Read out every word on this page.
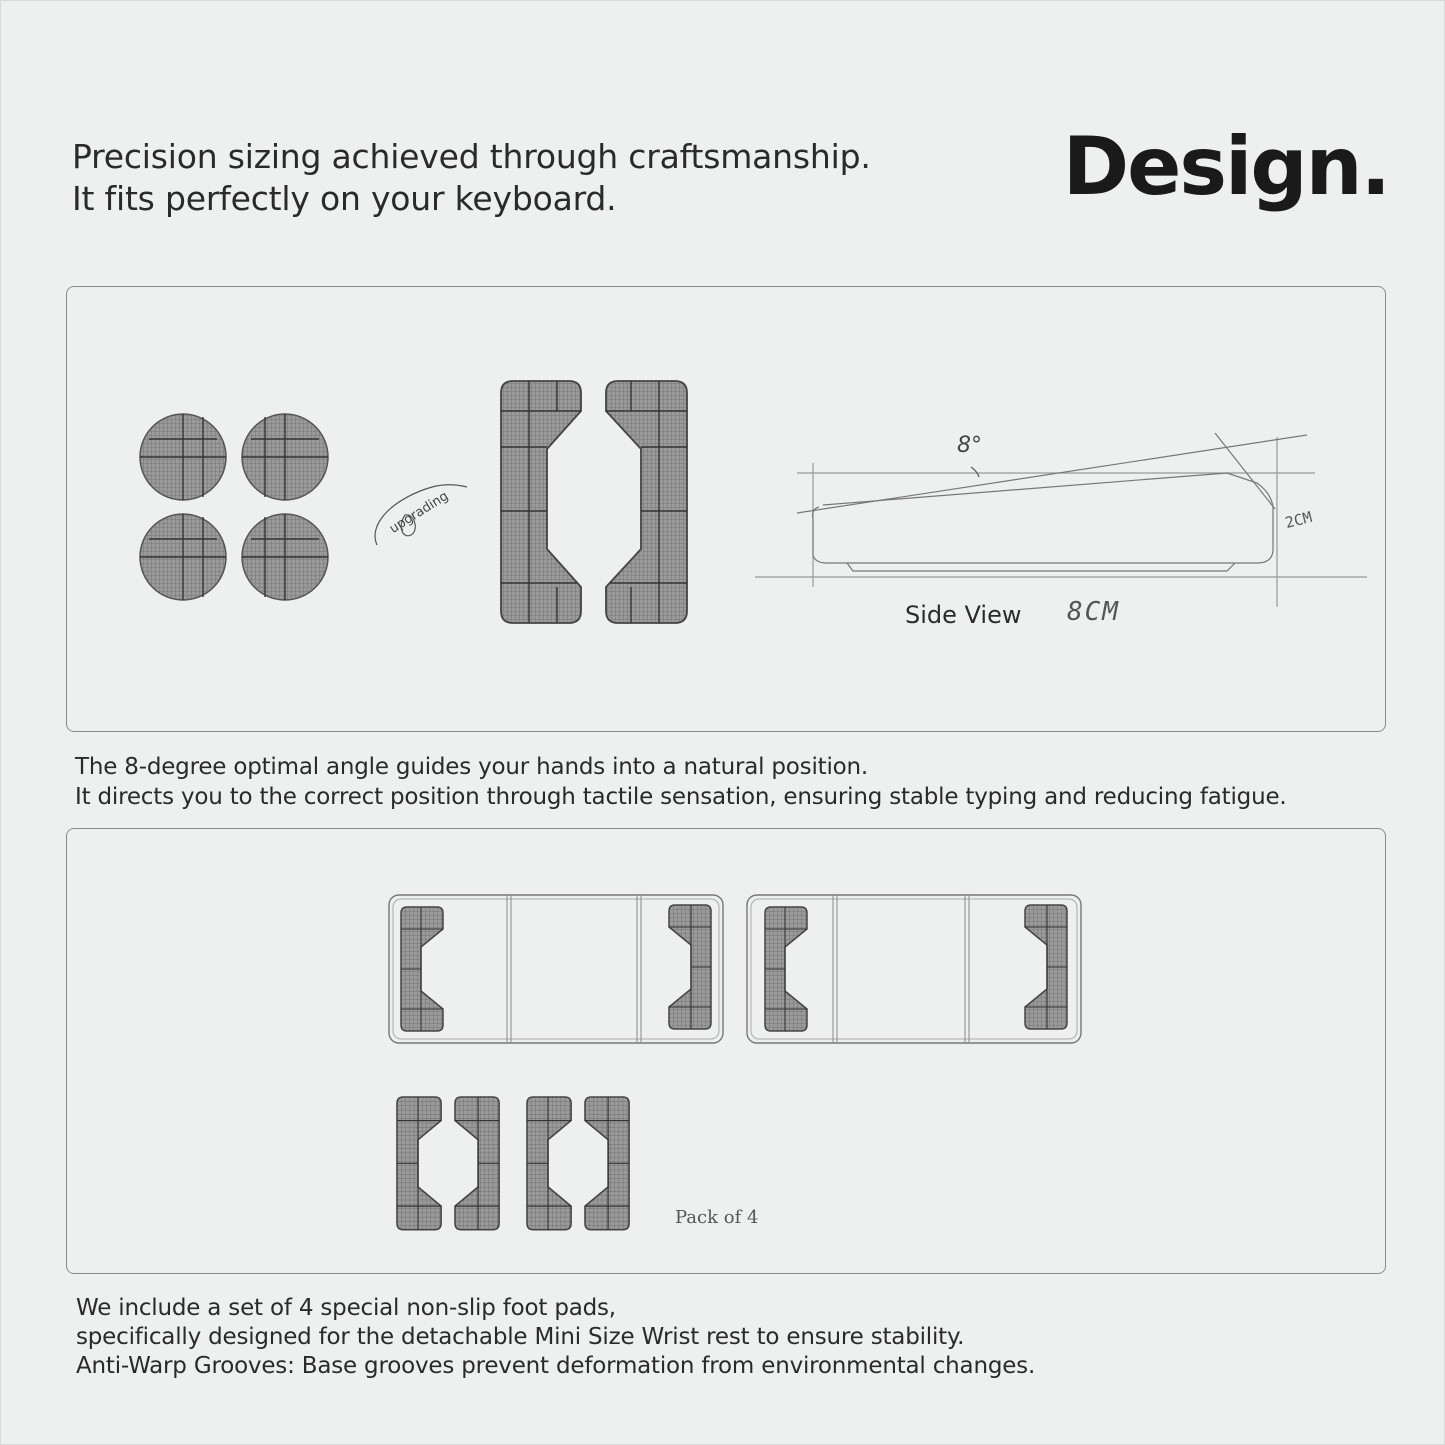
Precision sizing achieved through craftsmanship.
It fits perfectly on your keyboard.	Design.
upgrading
8°
2CM
Side View 8CM
The 8-degree optimal angle guides your hands into a natural position.
It directs you to the correct position through tactile sensation, ensuring stable typing and reducing fatigue.
Pack of 4
We include a set of 4 special non-slip foot pads,
specifically designed for the detachable Mini Size Wrist rest to ensure stability.
Anti-Warp Grooves: Base grooves prevent deformation from environmental changes.
